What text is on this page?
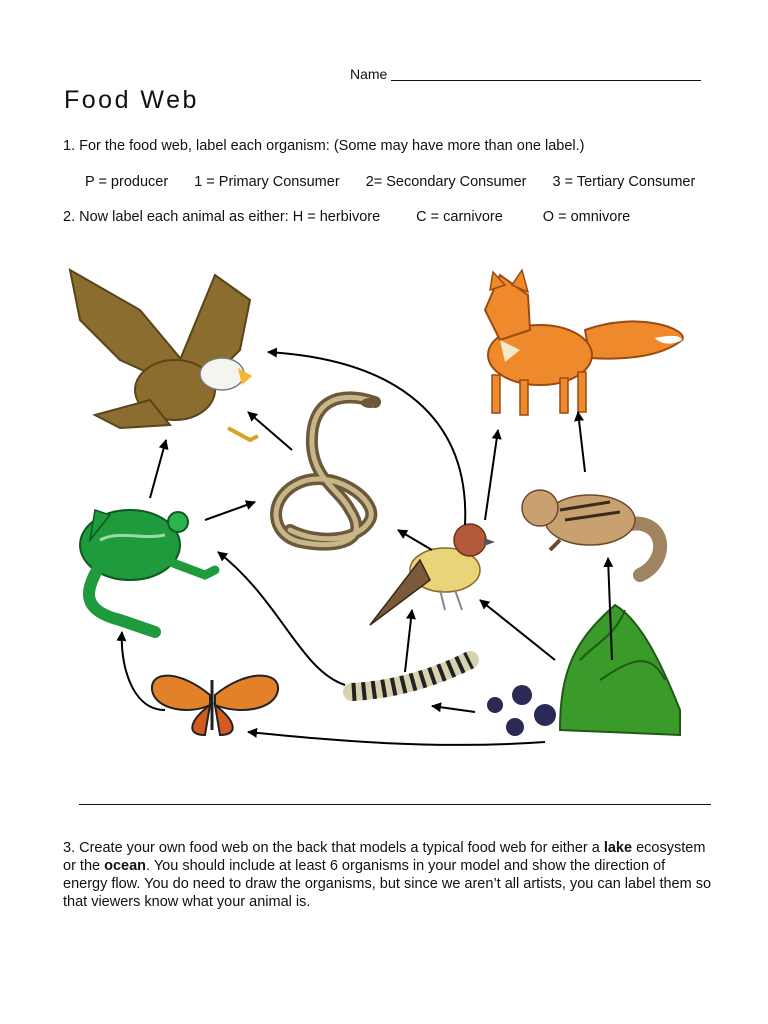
Name
Food Web
1. For the food web, label each organism: (Some may have more than one label.)
P = producer 1 = Primary Consumer 2= Secondary Consumer 3 = Tertiary Consumer
2. Now label each animal as either: H = herbivore C = carnivore	O = omnivore
eagle
fox
snake
frog
sparrow
chipmunk
caterpillar
butterfly
plant
3. Create your own food web on the back that models a typical food web for either a lake ecosystem or the ocean. You should include at least 6 organisms in your model and show the direction of energy flow. You do need to draw the organisms, but since we aren’t all artists, you can label them so that viewers know what your animal is.
